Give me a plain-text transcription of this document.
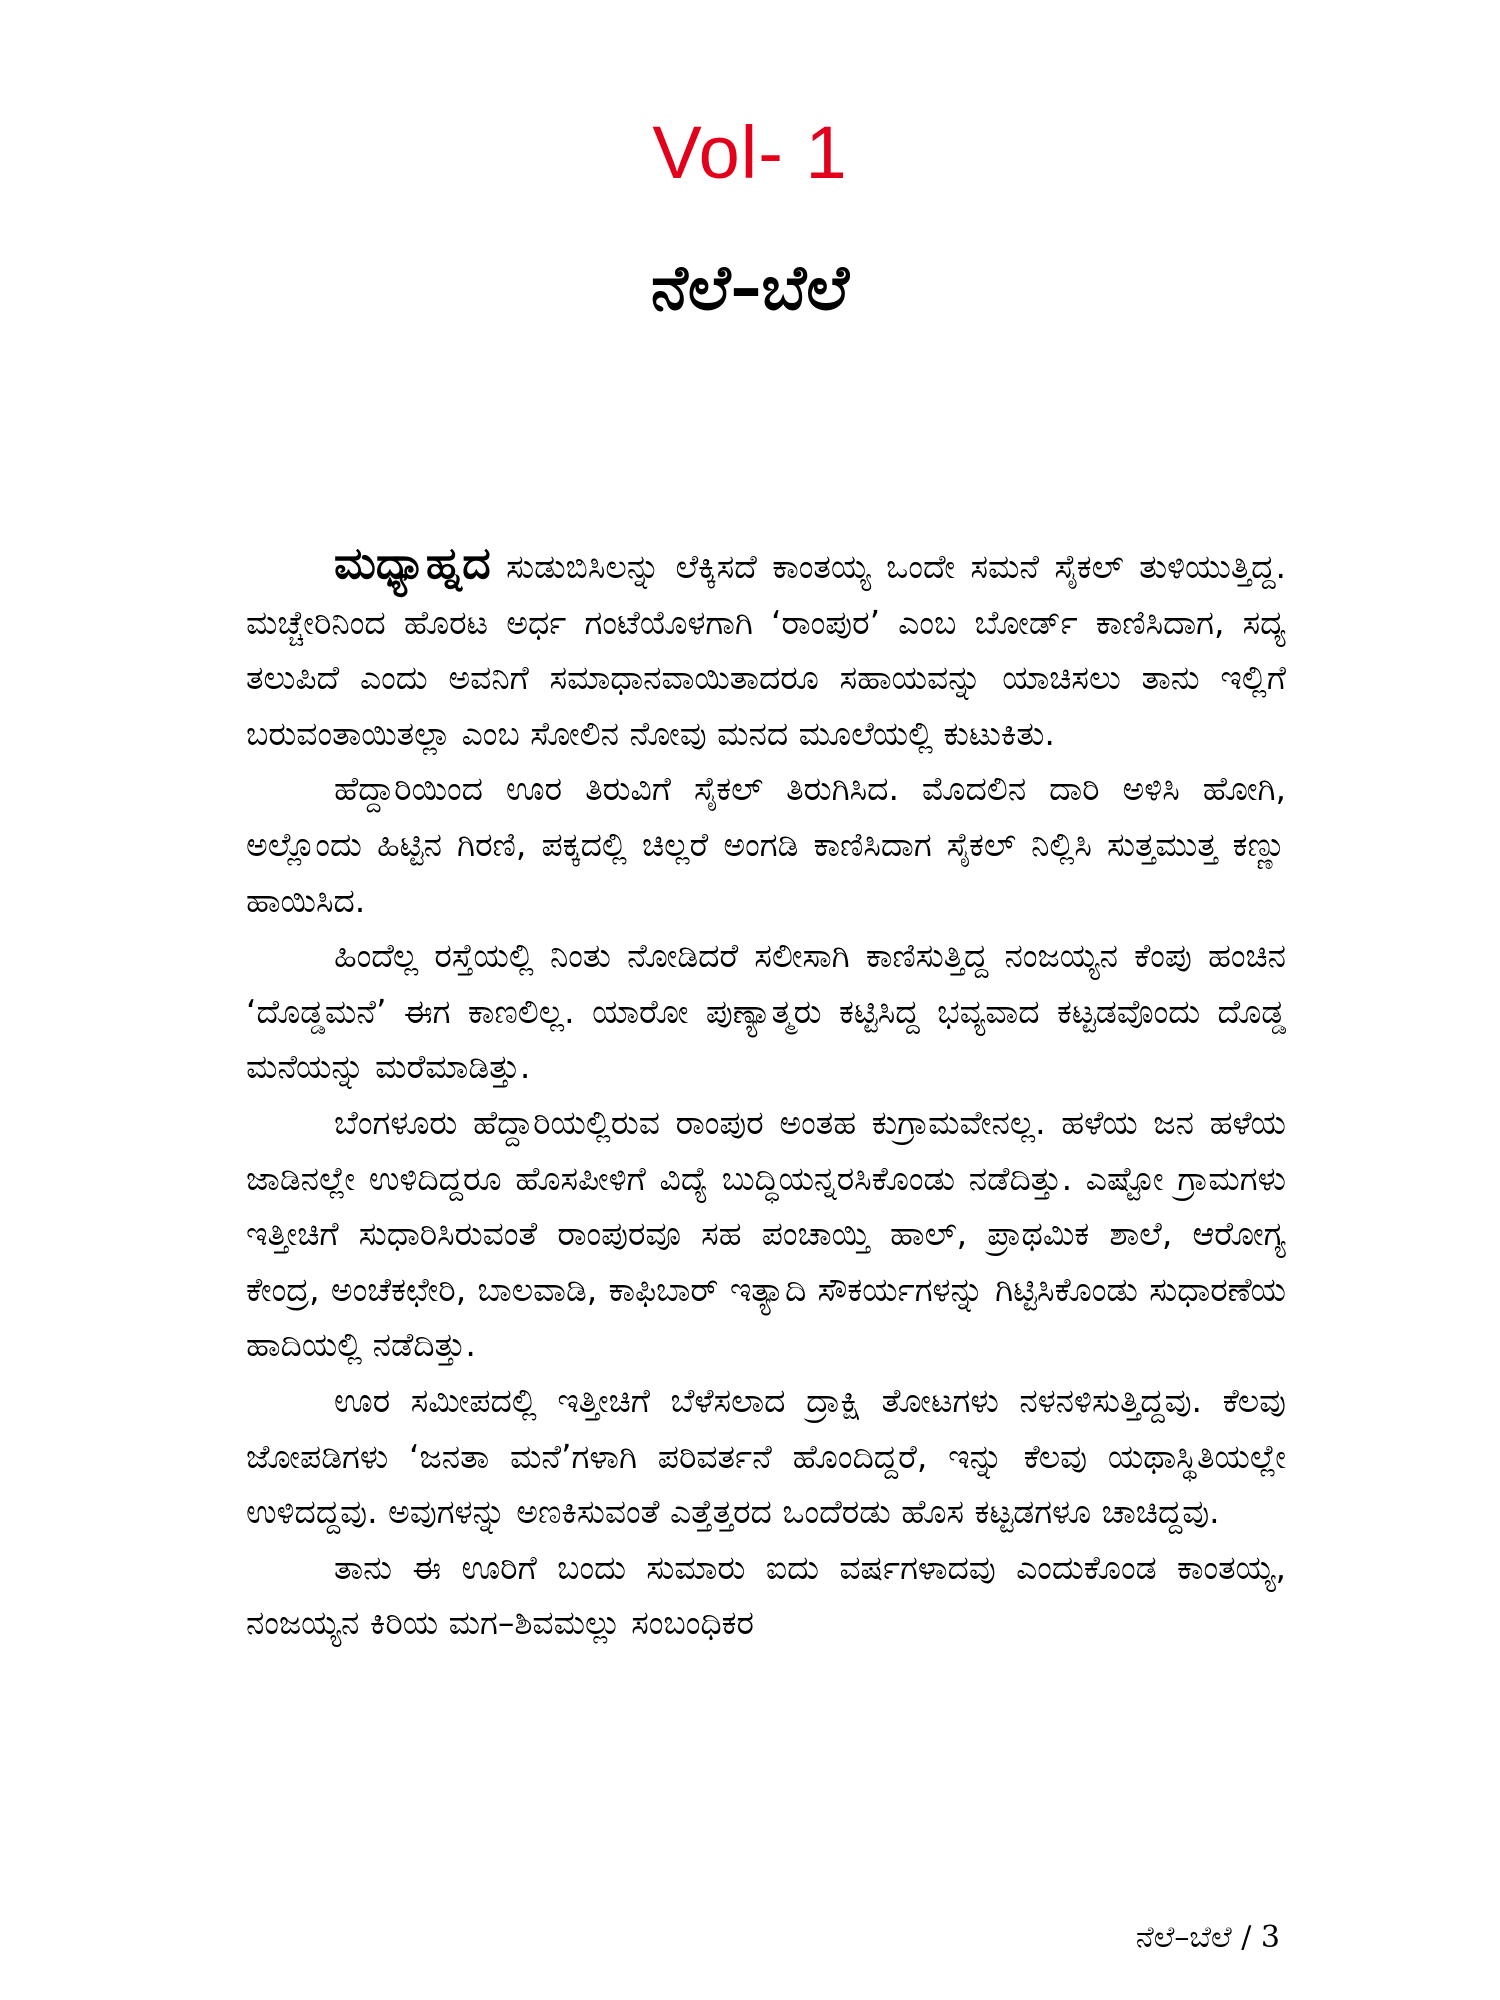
Vol- 1
ನೆಲೆ–ಬೆಲೆ

ಮಧ್ಯಾಹ್ನದ ಸುಡುಬಿಸಿಲನ್ನು ಲೆಕ್ಕಿಸದೆ ಕಾಂತಯ್ಯ ಒಂದೇ ಸಮನೆ ಸೈಕಲ್ ತುಳಿಯುತ್ತಿದ್ದ. ಮಚ್ಚೇರಿನಿಂದ ಹೊರಟ ಅರ್ಧ ಗಂಟೆಯೊಳಗಾಗಿ ‘ರಾಂಪುರ’ ಎಂಬ ಬೋರ್ಡ್ ಕಾಣಿಸಿದಾಗ, ಸದ್ಯ ತಲುಪಿದೆ ಎಂದು ಅವನಿಗೆ ಸಮಾಧಾನವಾಯಿತಾದರೂ ಸಹಾಯವನ್ನು ಯಾಚಿಸಲು ತಾನು ಇಲ್ಲಿಗೆ ಬರುವಂತಾಯಿತಲ್ಲಾ ಎಂಬ ಸೋಲಿನ ನೋವು ಮನದ ಮೂಲೆಯಲ್ಲಿ ಕುಟುಕಿತು.

ಹೆದ್ದಾರಿಯಿಂದ ಊರ ತಿರುವಿಗೆ ಸೈಕಲ್ ತಿರುಗಿಸಿದ. ಮೊದಲಿನ ದಾರಿ ಅಳಿಸಿ ಹೋಗಿ, ಅಲ್ಲೊಂದು ಹಿಟ್ಟಿನ ಗಿರಣಿ, ಪಕ್ಕದಲ್ಲಿ ಚಿಲ್ಲರೆ ಅಂಗಡಿ ಕಾಣಿಸಿದಾಗ ಸೈಕಲ್ ನಿಲ್ಲಿಸಿ ಸುತ್ತಮುತ್ತ ಕಣ್ಣು ಹಾಯಿಸಿದ.

ಹಿಂದೆಲ್ಲ ರಸ್ತೆಯಲ್ಲಿ ನಿಂತು ನೋಡಿದರೆ ಸಲೀಸಾಗಿ ಕಾಣಿಸುತ್ತಿದ್ದ ನಂಜಯ್ಯನ ಕೆಂಪು ಹಂಚಿನ ‘ದೊಡ್ಡಮನೆ’ ಈಗ ಕಾಣಲಿಲ್ಲ. ಯಾರೋ ಪುಣ್ಯಾತ್ಮರು ಕಟ್ಟಿಸಿದ್ದ ಭವ್ಯವಾದ ಕಟ್ಟಡವೊಂದು ದೊಡ್ಡ ಮನೆಯನ್ನು ಮರೆಮಾಡಿತ್ತು.

ಬೆಂಗಳೂರು ಹೆದ್ದಾರಿಯಲ್ಲಿರುವ ರಾಂಪುರ ಅಂತಹ ಕುಗ್ರಾಮವೇನಲ್ಲ. ಹಳೆಯ ಜನ ಹಳೆಯ ಜಾಡಿನಲ್ಲೇ ಉಳಿದಿದ್ದರೂ ಹೊಸಪೀಳಿಗೆ ವಿದ್ಯೆ ಬುದ್ಧಿಯನ್ನರಸಿಕೊಂಡು ನಡೆದಿತ್ತು. ಎಷ್ಟೋ ಗ್ರಾಮಗಳು ಇತ್ತೀಚಿಗೆ ಸುಧಾರಿಸಿರುವಂತೆ ರಾಂಪುರವೂ ಸಹ ಪಂಚಾಯ್ತಿ ಹಾಲ್, ಪ್ರಾಥಮಿಕ ಶಾಲೆ, ಆರೋಗ್ಯ ಕೇಂದ್ರ, ಅಂಚೆಕಛೇರಿ, ಬಾಲವಾಡಿ, ಕಾಫಿಬಾರ್ ಇತ್ಯಾದಿ ಸೌಕರ್ಯಗಳನ್ನು ಗಿಟ್ಟಿಸಿಕೊಂಡು ಸುಧಾರಣೆಯ ಹಾದಿಯಲ್ಲಿ ನಡೆದಿತ್ತು.

ಊರ ಸಮೀಪದಲ್ಲಿ ಇತ್ತೀಚಿಗೆ ಬೆಳೆಸಲಾದ ದ್ರಾಕ್ಷಿ ತೋಟಗಳು ನಳನಳಿಸುತ್ತಿದ್ದವು. ಕೆಲವು ಜೋಪಡಿಗಳು ‘ಜನತಾ ಮನೆ’ಗಳಾಗಿ ಪರಿವರ್ತನೆ ಹೊಂದಿದ್ದರೆ, ಇನ್ನು ಕೆಲವು ಯಥಾಸ್ಥಿತಿಯಲ್ಲೇ ಉಳಿದದ್ದವು. ಅವುಗಳನ್ನು ಅಣಕಿಸುವಂತೆ ಎತ್ತೆತ್ತರದ ಒಂದೆರಡು ಹೊಸ ಕಟ್ಟಡಗಳೂ ಚಾಚಿದ್ದವು.

ತಾನು ಈ ಊರಿಗೆ ಬಂದು ಸುಮಾರು ಐದು ವರ್ಷಗಳಾದವು ಎಂದುಕೊಂಡ ಕಾಂತಯ್ಯ, ನಂಜಯ್ಯನ ಕಿರಿಯ ಮಗ–ಶಿವಮಲ್ಲು ಸಂಬಂಧಿಕರ

ನೆಲೆ–ಬೆಲೆ / 3
